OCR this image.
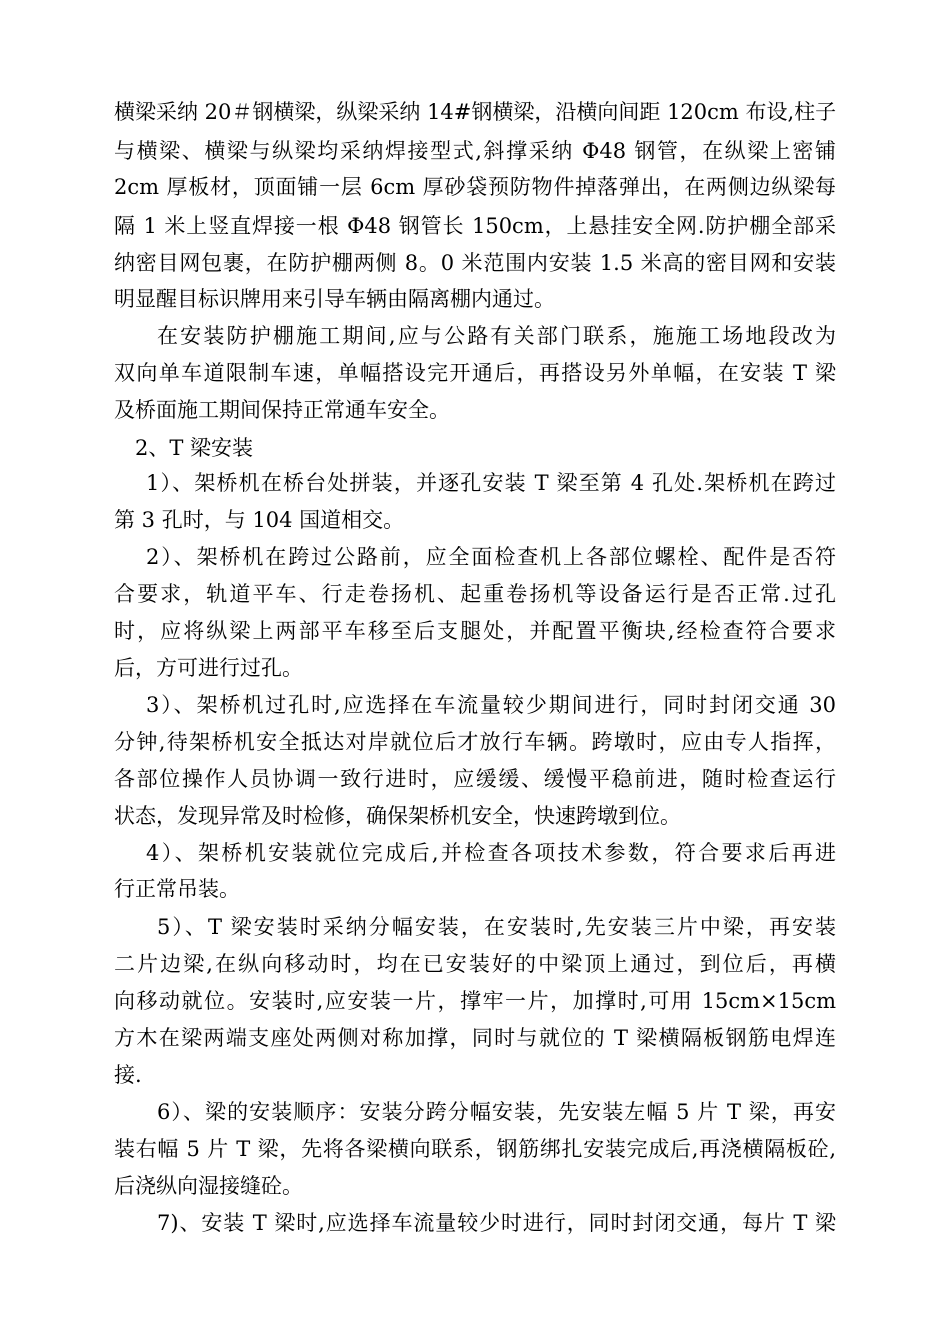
横梁采纳 20＃钢横梁，纵梁采纳 14#钢横梁，沿横向间距 120cm 布设,柱子
与横梁、横梁与纵梁均采纳焊接型式,斜撑采纳 Φ48 钢管，在纵梁上密铺
2cm 厚板材，顶面铺一层 6cm 厚砂袋预防物件掉落弹出，在两侧边纵梁每
隔 1 米上竖直焊接一根 Φ48 钢管长 150cm，上悬挂安全网.防护棚全部采
纳密目网包裹，在防护棚两侧 8。0 米范围内安装 1.5 米高的密目网和安装
明显醒目标识牌用来引导车辆由隔离棚内通过。
在安装防护棚施工期间,应与公路有关部门联系，施施工场地段改为
双向单车道限制车速，单幅搭设完开通后，再搭设另外单幅，在安装 T 梁
及桥面施工期间保持正常通车安全。
2、T 梁安装
1）、架桥机在桥台处拼装，并逐孔安装 T 梁至第 4 孔处.架桥机在跨过
第 3 孔时，与 104 国道相交。
2）、架桥机在跨过公路前，应全面检查机上各部位螺栓、配件是否符
合要求，轨道平车、行走卷扬机、起重卷扬机等设备运行是否正常.过孔
时，应将纵梁上两部平车移至后支腿处，并配置平衡块,经检查符合要求
后，方可进行过孔。
3）、架桥机过孔时,应选择在车流量较少期间进行，同时封闭交通 30
分钟,待架桥机安全抵达对岸就位后才放行车辆。跨墩时，应由专人指挥，
各部位操作人员协调一致行进时，应缓缓、缓慢平稳前进，随时检查运行
状态，发现异常及时检修，确保架桥机安全，快速跨墩到位。
4）、架桥机安装就位完成后,并检查各项技术参数，符合要求后再进
行正常吊装。
5）、T 梁安装时采纳分幅安装，在安装时,先安装三片中梁，再安装
二片边梁,在纵向移动时，均在已安装好的中梁顶上通过，到位后，再横
向移动就位。安装时,应安装一片，撑牢一片，加撑时,可用 15cm×15cm
方木在梁两端支座处两侧对称加撑，同时与就位的 T 梁横隔板钢筋电焊连
接.
6）、梁的安装顺序：安装分跨分幅安装，先安装左幅 5 片 T 梁，再安
装右幅 5 片 T 梁，先将各梁横向联系，钢筋绑扎安装完成后,再浇横隔板砼,
后浇纵向湿接缝砼。
7)、安装 T 梁时,应选择车流量较少时进行，同时封闭交通，每片 T 梁
